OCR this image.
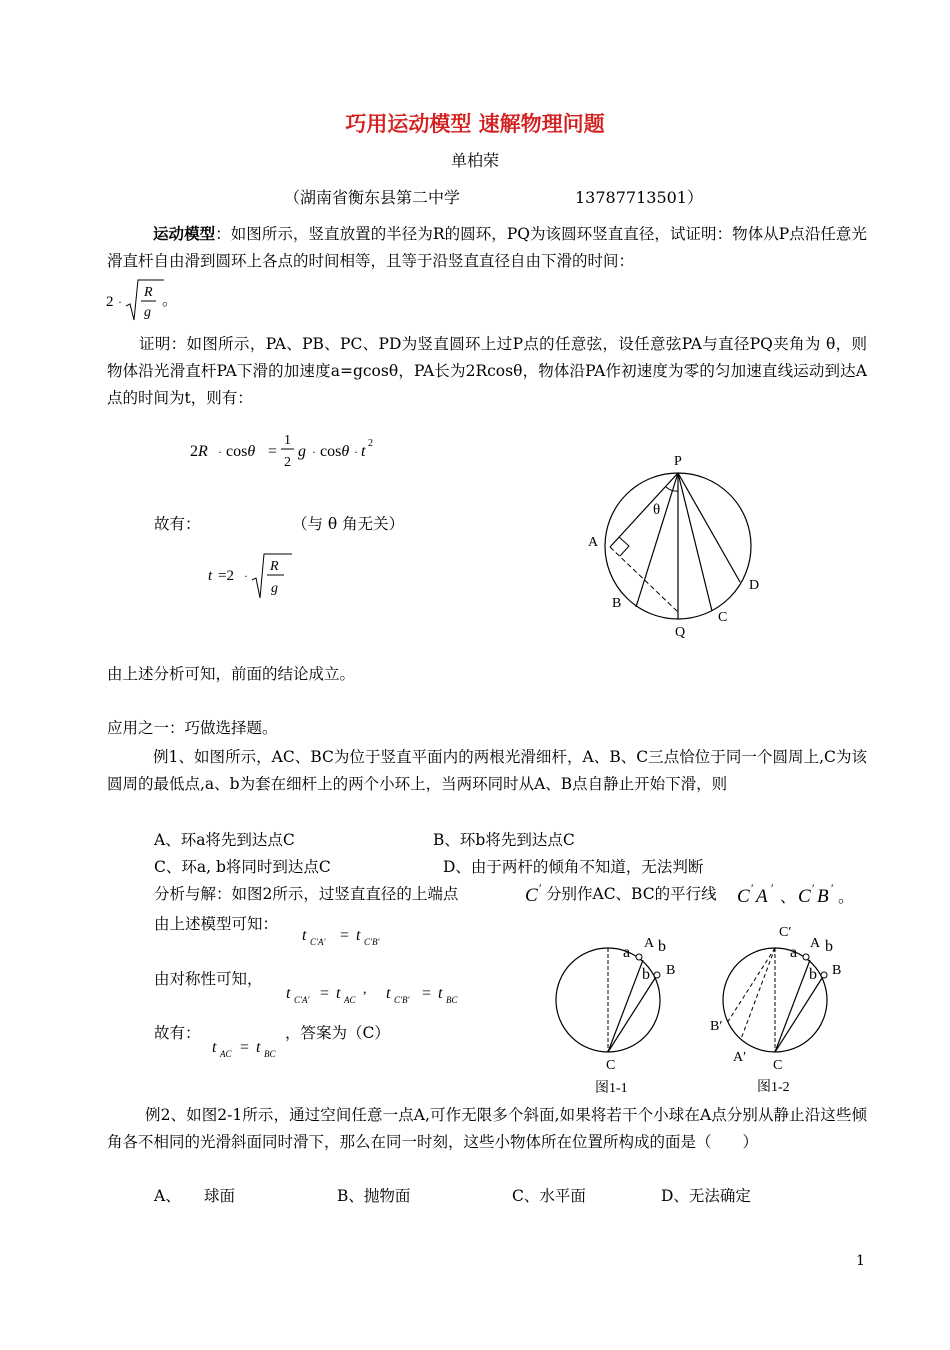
巧用运动模型 速解物理问题
单柏荣
（湖南省衡东县第二中学	13787713501）
运动模型：如图所示，竖直放置的半径为R的圆环，PQ为该圆环竖直直径，试证明：物体从P点沿任意光滑直杆自由滑到圆环上各点的时间相等，且等于沿竖直直径自由下滑的时间：
2 ·
R
g
。
证明：如图所示，PA、PB、PC、PD为竖直圆环上过P点的任意弦，设任意弦PA与直径PQ夹角为 θ，则物体沿光滑直杆PA下滑的加速度a=gcosθ，PA长为2Rcosθ，物体沿PA作初速度为零的匀加速直线运动到达A点的时间为t，则有：
2R · cosθ =
1
2
g · cosθ · t 2
故有：	（与 θ 角无关）
t =2 ·
R
g
P
A
B
C
D
Q
θ
由上述分析可知，前面的结论成立。
应用之一：巧做选择题。
例1、如图所示，AC、BC为位于竖直平面内的两根光滑细杆，A、B、C三点恰位于同一个圆周上,C为该圆周的最低点,a、b为套在细杆上的两个小环上，当两环同时从A、B点自静止开始下滑，则
A、环a将先到达点C	B、环b将先到达点C
C、环a, b将同时到达点C	D、由于两杆的倾角不知道，无法判断
分析与解：如图2所示，过竖直直径的上端点	C ′ 分别作AC、BC的平行线 C ′ A ′
、 C ′ B ′
。
由上述模型可知：
t C′A′ = t C′B′
由对称性可知，
t C′A′ = t AC
, t C′B′ = t BC
故有：
t AC = t BC
，答案为（C）
A
a b
b B
C
图1-1
C′
A
a b
b B
B′
A′
C
图1-2
例2、如图2-1所示，通过空间任意一点A,可作无限多个斜面,如果将若干个小球在A点分别从静止沿这些倾角各不相同的光滑斜面同时滑下，那么在同一时刻，这些小物体所在位置所构成的面是（　　）
A、　　球面	B、抛物面	C、水平面	D、无法确定
1
